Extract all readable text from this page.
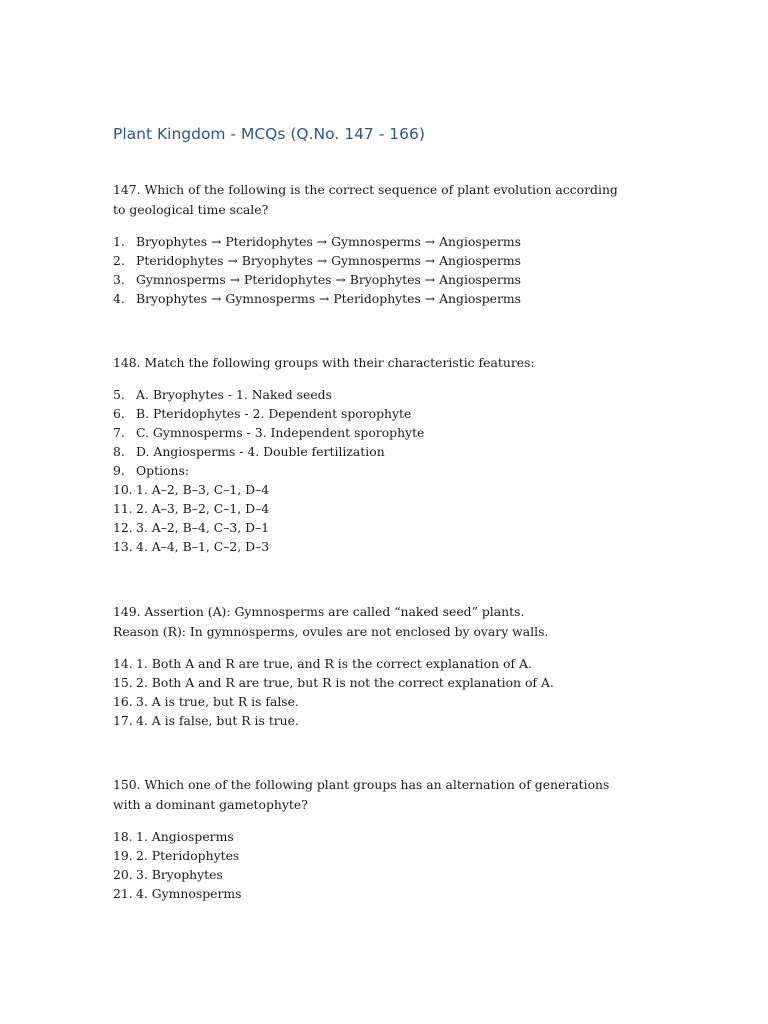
Plant Kingdom - MCQs (Q.No. 147 - 166)

147. Which of the following is the correct sequence of plant evolution according to geological time scale?

1. Bryophytes → Pteridophytes → Gymnosperms → Angiosperms
2. Pteridophytes → Bryophytes → Gymnosperms → Angiosperms
3. Gymnosperms → Pteridophytes → Bryophytes → Angiosperms
4. Bryophytes → Gymnosperms → Pteridophytes → Angiosperms

148. Match the following groups with their characteristic features:

5. A. Bryophytes - 1. Naked seeds
6. B. Pteridophytes - 2. Dependent sporophyte
7. C. Gymnosperms - 3. Independent sporophyte
8. D. Angiosperms - 4. Double fertilization
9. Options:
10. 1. A–2, B–3, C–1, D–4
11. 2. A–3, B–2, C–1, D–4
12. 3. A–2, B–4, C–3, D–1
13. 4. A–4, B–1, C–2, D–3

149. Assertion (A): Gymnosperms are called “naked seed” plants.
Reason (R): In gymnosperms, ovules are not enclosed by ovary walls.

14. 1. Both A and R are true, and R is the correct explanation of A.
15. 2. Both A and R are true, but R is not the correct explanation of A.
16. 3. A is true, but R is false.
17. 4. A is false, but R is true.

150. Which one of the following plant groups has an alternation of generations with a dominant gametophyte?

18. 1. Angiosperms
19. 2. Pteridophytes
20. 3. Bryophytes
21. 4. Gymnosperms
